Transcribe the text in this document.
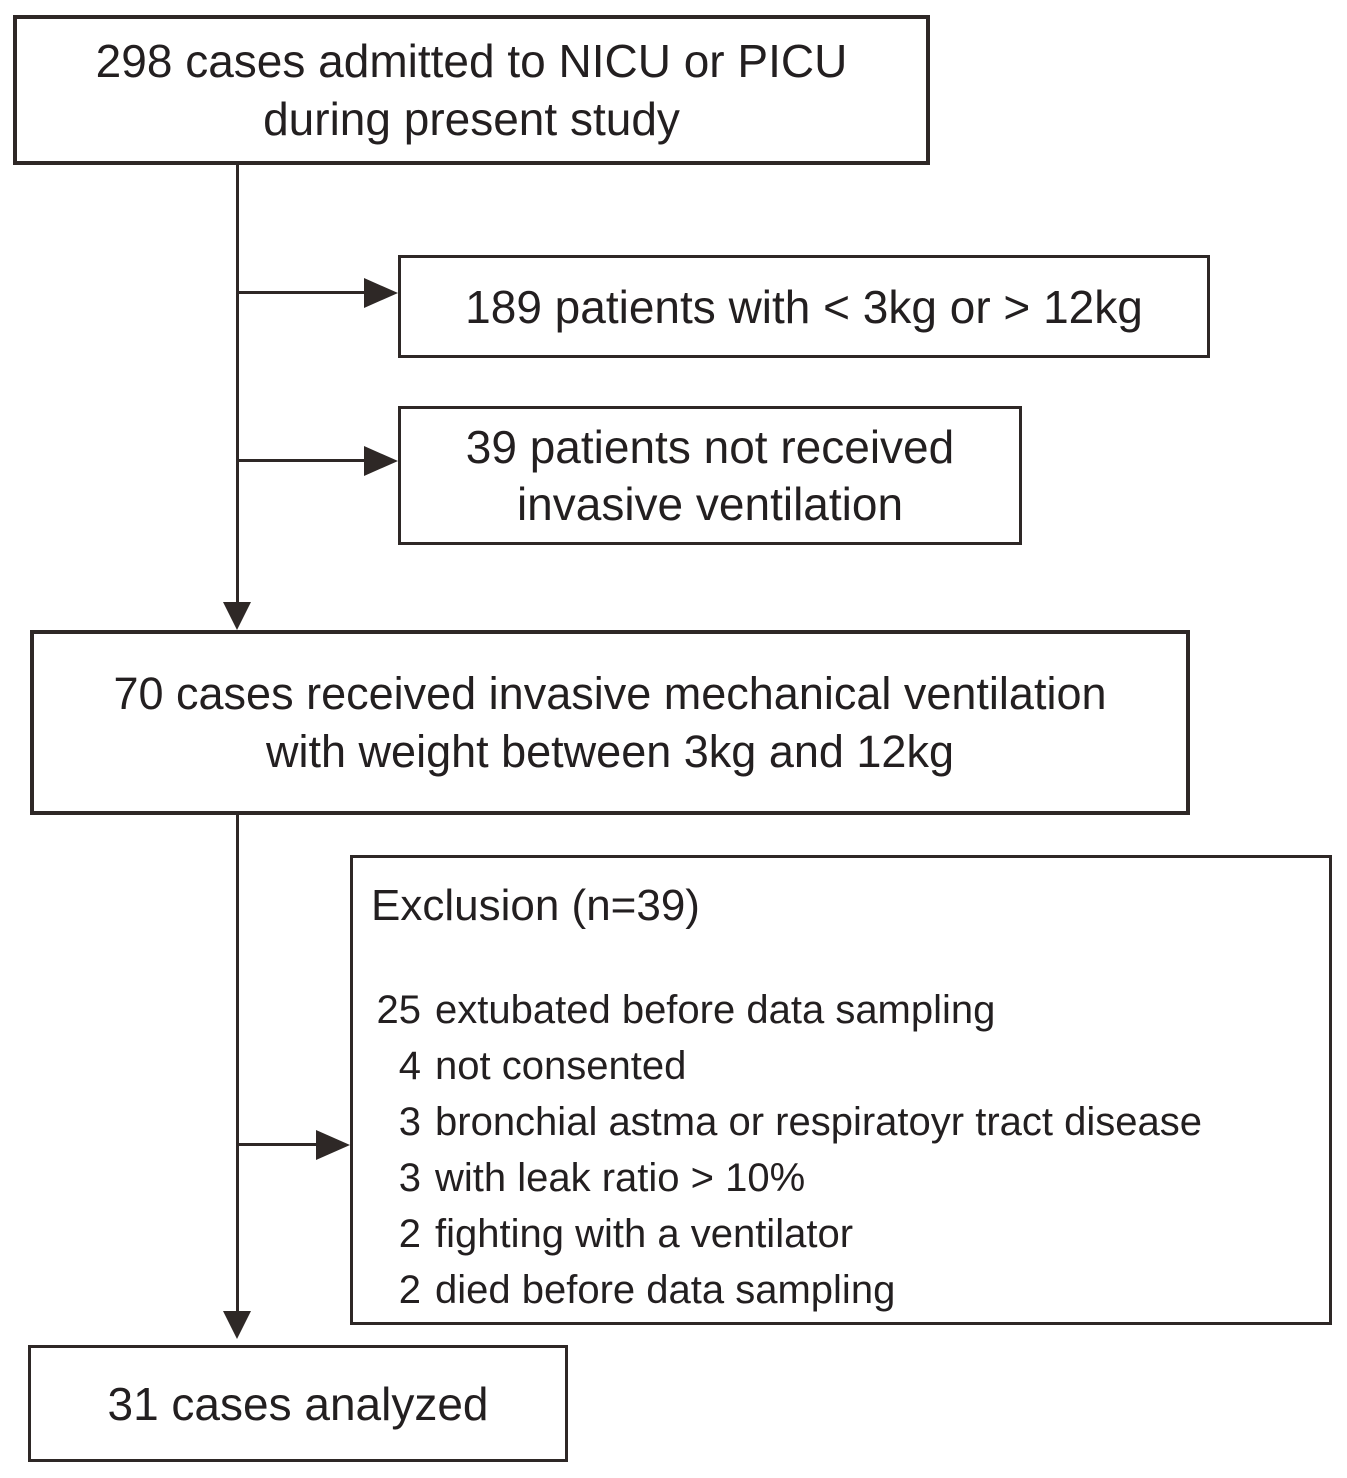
298 cases admitted to NICU or PICU
during present study
189 patients with < 3kg or > 12kg
39 patients not received
invasive ventilation
70 cases received invasive mechanical ventilation
with weight between 3kg and 12kg
Exclusion (n=39)
25 extubated before data sampling
4 not consented
3 bronchial astma or respiratoyr tract disease
3 with leak ratio > 10%
2 fighting with a ventilator
2 died before data sampling
31 cases analyzed
